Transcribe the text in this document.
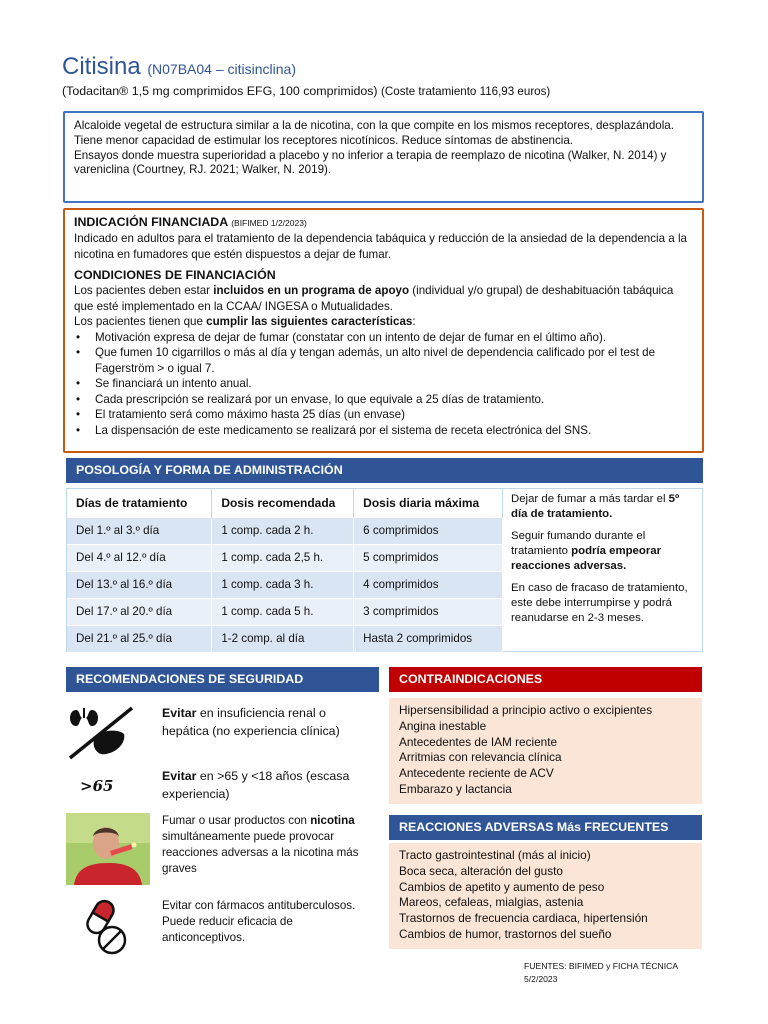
Citisina (N07BA04 – citisinclina)
(Todacitan® 1,5 mg comprimidos EFG, 100 comprimidos) (Coste tratamiento 116,93 euros)
Alcaloide vegetal de estructura similar a la de nicotina, con la que compite en los mismos receptores, desplazándola. Tiene menor capacidad de estimular los receptores nicotínicos. Reduce síntomas de abstinencia.
Ensayos donde muestra superioridad a placebo y no inferior a terapia de reemplazo de nicotina (Walker, N. 2014) y vareniclina (Courtney, RJ. 2021; Walker, N. 2019).
INDICACIÓN FINANCIADA (BIFIMED 1/2/2023)
Indicado en adultos para el tratamiento de la dependencia tabáquica y reducción de la ansiedad de la dependencia a la nicotina en fumadores que estén dispuestos a dejar de fumar.
CONDICIONES DE FINANCIACIÓN
Los pacientes deben estar incluidos en un programa de apoyo (individual y/o grupal) de deshabituación tabáquica que esté implementado en la CCAA/ INGESA o Mutualidades.
Los pacientes tienen que cumplir las siguientes características:
• Motivación expresa de dejar de fumar (constatar con un intento de dejar de fumar en el último año).
• Que fumen 10 cigarrillos o más al día y tengan además, un alto nivel de dependencia calificado por el test de Fagerström > o igual 7.
• Se financiará un intento anual.
• Cada prescripción se realizará por un envase, lo que equivale a 25 días de tratamiento.
• El tratamiento será como máximo hasta 25 días (un envase)
• La dispensación de este medicamento se realizará por el sistema de receta electrónica del SNS.
POSOLOGÍA Y FORMA DE ADMINISTRACIÓN
Días de tratamiento	Dosis recomendada	Dosis diaria máxima
Del 1.º al 3.º día	1 comp. cada 2 h.	6 comprimidos
Del 4.º al 12.º día	1 comp. cada 2,5 h.	5 comprimidos
Del 13.º al 16.º día	1 comp. cada 3 h.	4 comprimidos
Del 17.º al 20.º día	1 comp. cada 5 h.	3 comprimidos
Del 21.º al 25.º día	1-2 comp. al día	Hasta 2 comprimidos

Dejar de fumar a más tardar el 5º día de tratamiento.

Seguir fumando durante el tratamiento podría empeorar reacciones adversas.

En caso de fracaso de tratamiento, este debe interrumpirse y podrá reanudarse en 2-3 meses.

RECOMENDACIONES DE SEGURIDAD
Evitar en insuficiencia renal o hepática (no experiencia clínica)
>65
Evitar en >65 y <18 años (escasa experiencia)
Fumar o usar productos con nicotina simultáneamente puede provocar reacciones adversas a la nicotina más graves
Evitar con fármacos antituberculosos. Puede reducir eficacia de anticonceptivos.
CONTRAINDICACIONES
Hipersensibilidad a principio activo o excipientes
Angina inestable
Antecedentes de IAM reciente
Arritmias con relevancia clínica
Antecedente reciente de ACV
Embarazo y lactancia
REACCIONES ADVERSAS Más FRECUENTES
Tracto gastrointestinal (más al inicio)
Boca seca, alteración del gusto
Cambios de apetito y aumento de peso
Mareos, cefaleas, mialgias, astenia
Trastornos de frecuencia cardiaca, hipertensión
Cambios de humor, trastornos del sueño
FUENTES: BIFIMED y FICHA TÉCNICA
5/2/2023
